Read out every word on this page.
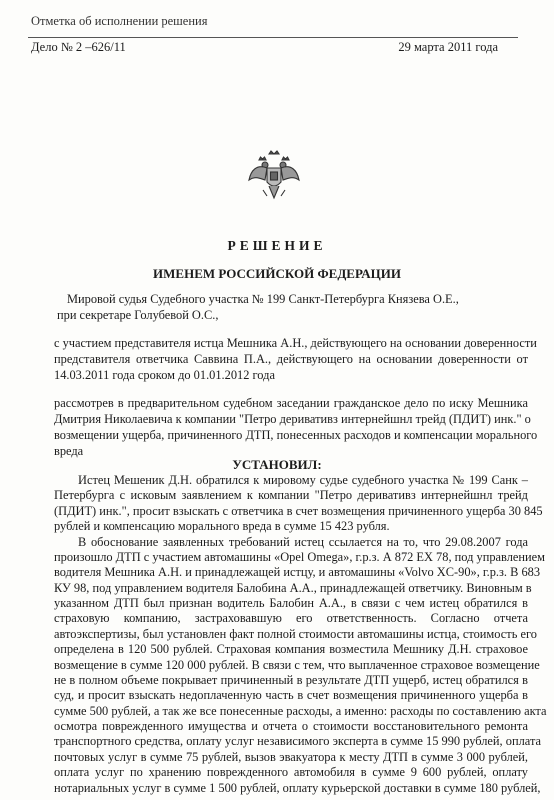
Отметка об исполнении решения
Дело № 2 –626/11	29 марта 2011 года
РЕШЕНИЕ
ИМЕНЕМ РОССИЙСКОЙ ФЕДЕРАЦИИ
Мировой судья Судебного участка № 199 Санкт-Петербурга Князева О.Е.,
при секретаре Голубевой О.С.,
с участием представителя истца Мешника А.Н., действующего на основании доверенности
представителя ответчика Саввина П.А., действующего на основании доверенности от
14.03.2011 года сроком до 01.01.2012 года
рассмотрев в предварительном судебном заседании гражданское дело по иску Мешника
Дмитрия Николаевича к компании "Петро деривативз интернейшнл трейд (ПДИТ) инк." о
возмещении ущерба, причиненного ДТП, понесенных расходов и компенсации морального
вреда
УСТАНОВИЛ:
Истец Мешеник Д.Н. обратился к мировому судье судебного участка № 199 Санк –
Петербурга с исковым заявлением к компании "Петро деривативз интернейшнл трейд
(ПДИТ) инк.", просит взыскать с ответчика в счет возмещения причиненного ущерба 30 845
рублей и компенсацию морального вреда в сумме 15 423 рубля.
В обоснование заявленных требований истец ссылается на то, что 29.08.2007 года
произошло ДТП с участием автомашины «Opel Omega», г.р.з. А 872 ЕХ 78, под управлением
водителя Мешника А.Н. и принадлежащей истцу, и автомашины «Volvo XC-90», г.р.з. В 683
КУ 98, под управлением водителя Балобина А.А., принадлежащей ответчику. Виновным в
указанном ДТП был признан водитель Балобин А.А., в связи с чем истец обратился в
страховую компанию, застраховавшую его ответственность. Согласно отчета
автоэкспертизы, был установлен факт полной стоимости автомашины истца, стоимость его
определена в 120 500 рублей. Страховая компания возместила Мешнику Д.Н. страховое
возмещение в сумме 120 000 рублей. В связи с тем, что выплаченное страховое возмещение
не в полном объеме покрывает причиненный в результате ДТП ущерб, истец обратился в
суд, и просит взыскать недоплаченную часть в счет возмещения причиненного ущерба в
сумме 500 рублей, а так же все понесенные расходы, а именно: расходы по составлению акта
осмотра поврежденного имущества и отчета о стоимости восстановительного ремонта
транспортного средства, оплату услуг независимого эксперта в сумме 15 990 рублей, оплата
почтовых услуг в сумме 75 рублей, вызов эвакуатора к месту ДТП в сумме 3 000 рублей,
оплата услуг по хранению поврежденного автомобиля в сумме 9 600 рублей, оплату
нотариальных услуг в сумме 1 500 рублей, оплату курьерской доставки в сумме 180 рублей,
